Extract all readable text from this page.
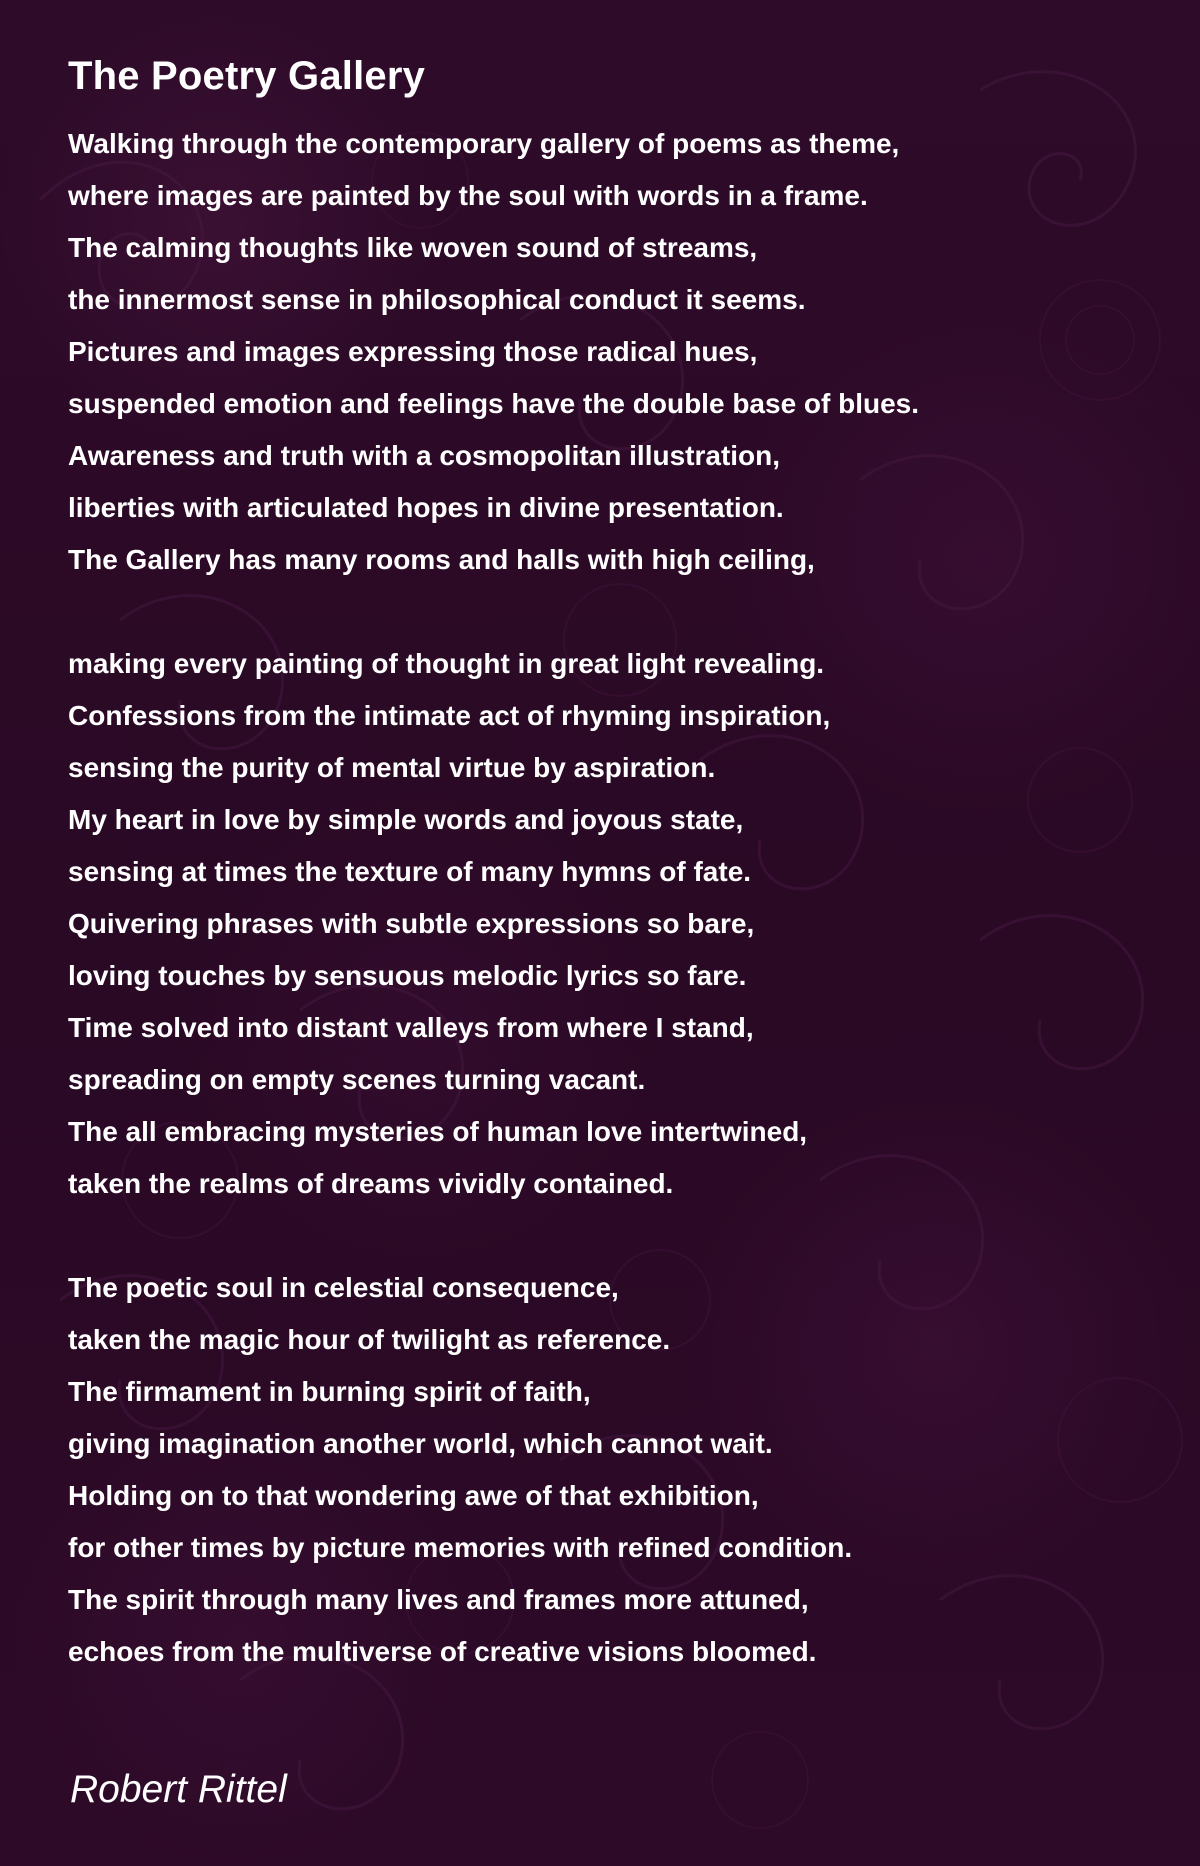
The Poetry Gallery
Walking through the contemporary gallery of poems as theme,
where images are painted by the soul with words in a frame.
The calming thoughts like woven sound of streams,
the innermost sense in philosophical conduct it seems.
Pictures and images expressing those radical hues,
suspended emotion and feelings have the double base of blues.
Awareness and truth with a cosmopolitan illustration,
liberties with articulated hopes in divine presentation.
The Gallery has many rooms and halls with high ceiling,
making every painting of thought in great light revealing.
Confessions from the intimate act of rhyming inspiration,
sensing the purity of mental virtue by aspiration.
My heart in love by simple words and joyous state,
sensing at times the texture of many hymns of fate.
Quivering phrases with subtle expressions so bare,
loving touches by sensuous melodic lyrics so fare.
Time solved into distant valleys from where I stand,
spreading on empty scenes turning vacant.
The all embracing mysteries of human love intertwined,
taken the realms of dreams vividly contained.
The poetic soul in celestial consequence,
taken the magic hour of twilight as reference.
The firmament in burning spirit of faith,
giving imagination another world, which cannot wait.
Holding on to that wondering awe of that exhibition,
for other times by picture memories with refined condition.
The spirit through many lives and frames more attuned,
echoes from the multiverse of creative visions bloomed.
Robert Rittel
